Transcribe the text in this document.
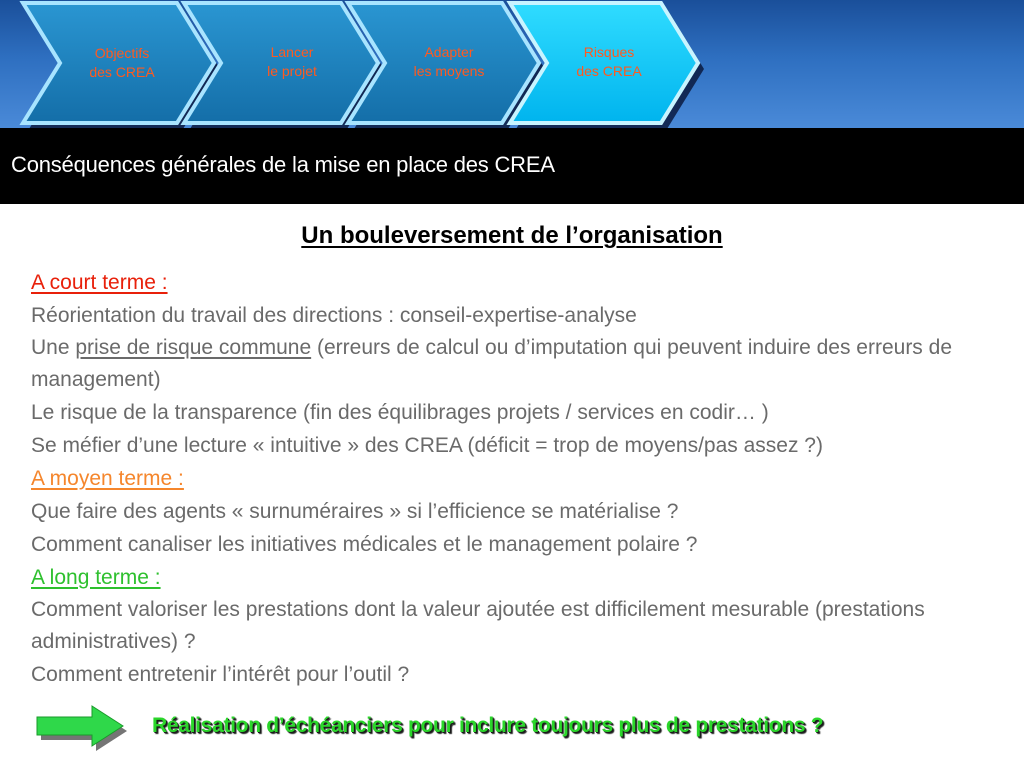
Objectifs
des CREA
Lancer
le projet
Adapter
les moyens
Risques
des CREA
Conséquences générales de la mise en place des CREA
Un bouleversement de l’organisation

A court terme :

Réorientation du travail des directions : conseil-expertise-analyse

Une prise de risque commune (erreurs de calcul ou d’imputation qui peuvent induire des erreurs de management)

Le risque de la transparence (fin des équilibrages projets / services en codir… )

Se méfier d’une lecture « intuitive » des CREA (déficit = trop de moyens/pas assez ?)

A moyen terme :

Que faire des agents « surnuméraires » si l’efficience se matérialise ?

Comment canaliser les initiatives médicales et le management polaire ?

A long terme :

Comment valoriser les prestations dont la valeur ajoutée est difficilement mesurable (prestations administratives) ?

Comment entretenir l’intérêt pour l’outil ?

Réalisation d’échéanciers pour inclure toujours plus de prestations ?
